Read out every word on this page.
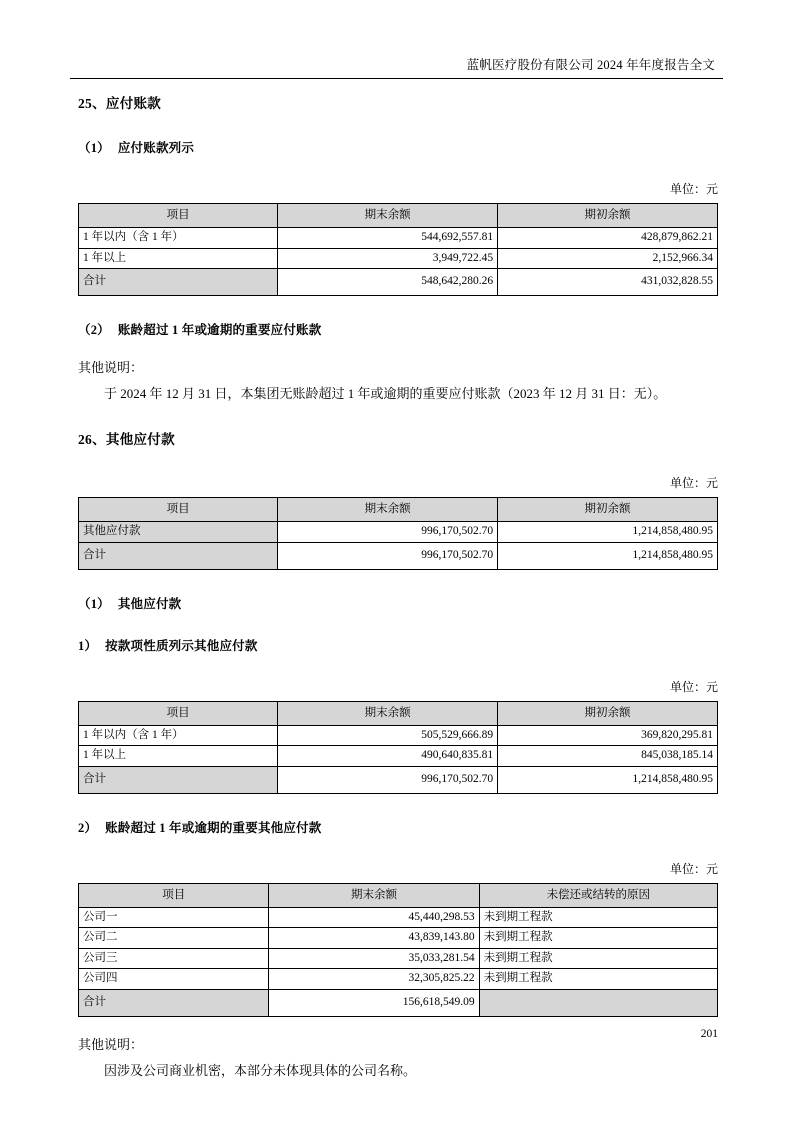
蓝帆医疗股份有限公司 2024 年年度报告全文
25、应付账款
（1） 应付账款列示
单位：元
项目	期末余额	期初余额
1 年以内（含 1 年）	544,692,557.81	428,879,862.21
1 年以上	3,949,722.45	2,152,966.34
合计	548,642,280.26	431,032,828.55
（2） 账龄超过 1 年或逾期的重要应付账款
其他说明：
于 2024 年 12 月 31 日，本集团无账龄超过 1 年或逾期的重要应付账款（2023 年 12 月 31 日：无）。
26、其他应付款
单位：元
项目	期末余额	期初余额
其他应付款	996,170,502.70	1,214,858,480.95
合计	996,170,502.70	1,214,858,480.95
（1） 其他应付款
1） 按款项性质列示其他应付款
单位：元
项目	期末余额	期初余额
1 年以内（含 1 年）	505,529,666.89	369,820,295.81
1 年以上	490,640,835.81	845,038,185.14
合计	996,170,502.70	1,214,858,480.95
2） 账龄超过 1 年或逾期的重要其他应付款
单位：元
项目	期末余额	未偿还或结转的原因
公司一	45,440,298.53	未到期工程款
公司二	43,839,143.80	未到期工程款
公司三	35,033,281.54	未到期工程款
公司四	32,305,825.22	未到期工程款
合计	156,618,549.09	
其他说明：
因涉及公司商业机密，本部分未体现具体的公司名称。
201
